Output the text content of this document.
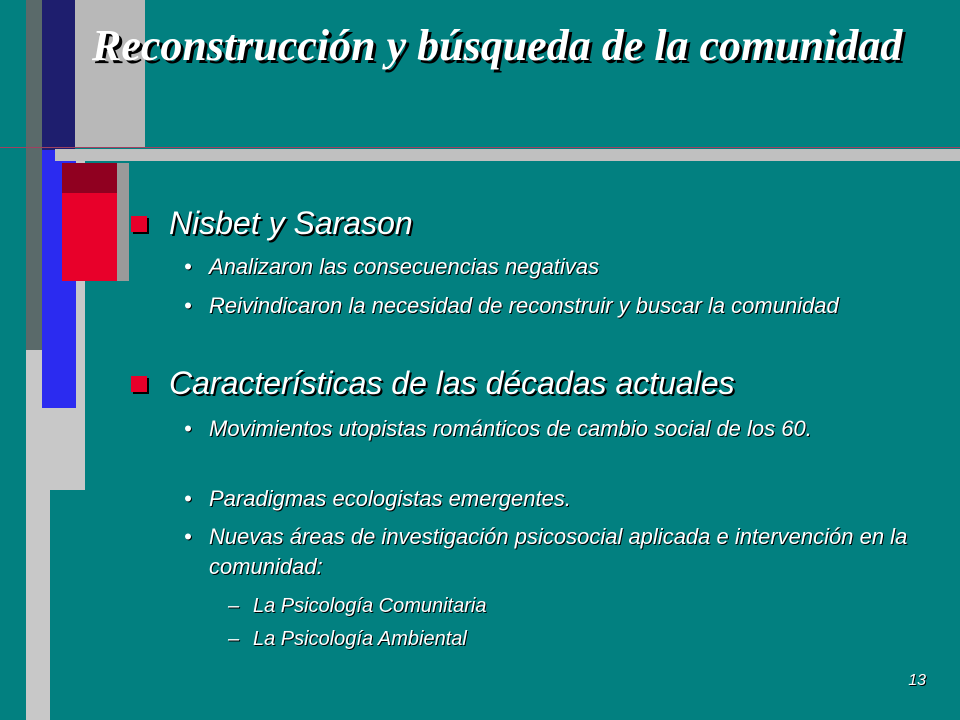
Reconstrucción y búsqueda de la comunidad
Nisbet y Sarason
• Analizaron las consecuencias negativas
• Reivindicaron la necesidad de reconstruir y buscar la comunidad
Características de las décadas actuales
• Movimientos utopistas románticos de cambio social de los 60.
• Paradigmas ecologistas emergentes.
• Nuevas áreas de investigación psicosocial aplicada e intervención en la comunidad:
– La Psicología Comunitaria
– La Psicología Ambiental
13
